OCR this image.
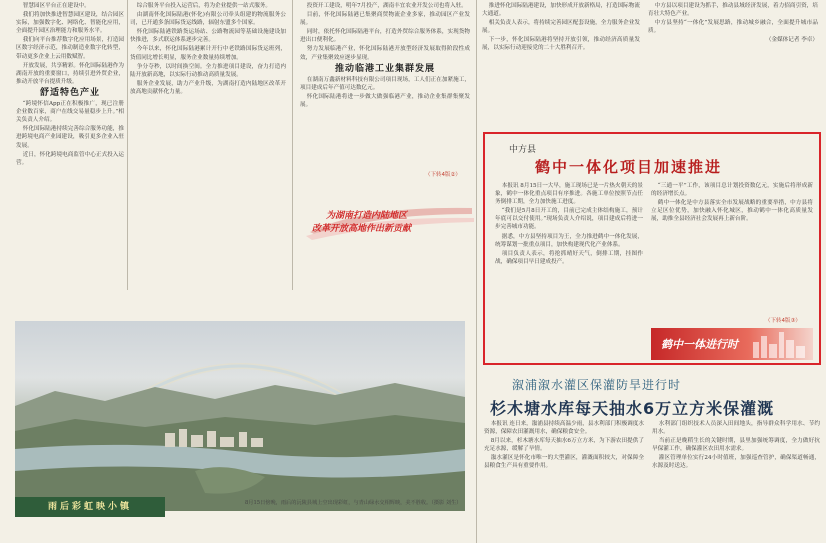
智慧园区平台正在建设中。

我们将加快推进智慧园区建设，结合园区实际，加强数字化、网络化、智能化应用，全面提升园区治理能力和服务水平。

我们向平台推荐数字化应用场景，打造园区数字经济示范，推动制造业数字化转型，带动更多企业上云用数赋智。

开放发展，共享精彩。怀化国际陆港作为湖南开放的重要窗口，持续引进外贸企业，推动开放平台提质升级。

舒适特色产业

“跨境怀信App正在积极推广，现已注册企业数百家，商户在线交易量稳步上升。”相关负责人介绍。

怀化国际陆港持续完善综合服务功能，推进跨境电商产业园建设，吸引更多企业入驻发展。

近日，怀化跨境电商监管中心正式投入运营。

综合服务平台投入运营后，将为企业提供一站式服务。

由湖南怀化国际陆港(怀化)有限公司牵头组建的物流服务公司，已开通多条国际货运线路，辐射东盟多个国家。

怀化国际陆港铁路货运场站、公路物流园等基础设施建设加快推进，多式联运体系逐步完善。

今年以来，怀化国际陆港累计开行中老铁路国际货运班列，货值同比增长明显，服务企业数量持续增加。

争分夺秒，以时间换空间。全力推进项目建设，奋力打造内陆开放新高地，以实际行动推动高质量发展。

服务企业发展，助力产业升级，为湖南打造内陆地区改革开放高地贡献怀化力量。

投资开工建设，明年7月投产，湖南丰宜农业开发公司也将入驻。

目前，怀化国际陆港已集聚商贸物流企业多家，推动园区产业发展。

同时，依托怀化国际陆港平台，打造外贸综合服务体系，实现货物进出口便利化。

努力发展临港产业，怀化国际陆港开放型经济发展取得阶段性成效，产业集聚效应逐步显现。

推动临港工业集群发展

在湖南万鑫新材料科技有限公司项目现场，工人们正在加紧施工，项目建成后年产值可达数亿元。

怀化国际陆港将进一步做大做强临港产业，推动企业集群集聚发展。

（下转4版②）
为湖南打造内陆地区
改革开放高地作出新贡献

推进怀化国际陆港建设，加快形成开放新格局，打造国际物流大通道。

相关负责人表示，将持续完善园区配套设施，全力服务企业发展。

下一步，怀化国际陆港将坚持开放引领，推动经济高质量发展，以实际行动迎接党的二十大胜利召开。

中方县以项目建设为抓手，推动县域经济发展，着力招商引资，培育壮大特色产业。

中方县坚持“一体化”发展思路，推动城乡融合，全面提升城市品质。

（金媒体记者 李卓）

中方县
鹤中一体化项目加速推进

本报讯 8月15日一大早，施工现场已是一片热火朝天的景象，鹤中一体化重点项目有序推进。各施工单位按照节点任务倒排工期，全力加快施工进度。

“我们是5月8日开工的，目前已完成主体结构施工，预计年底可以交付使用。”现场负责人介绍说，项目建成后将进一步完善城市功能。

据悉，中方县坚持项目为王，全力推进鹤中一体化发展，统筹谋划一批重点项目，加快构建现代化产业体系。

项目负责人表示，将抢抓晴好天气，倒排工期，挂图作战，确保项目早日建成投产。

“三通一平”工作，该项目总计划投资数亿元，实施后将形成新的经济增长点。

鹤中一体化是中方县落实全市发展战略的重要举措，中方县将立足区位优势，加快融入怀化城区，推动鹤中一体化高质量发展，助推全县经济社会发展再上新台阶。

（下转4版③）
鹤中一体进行时
雨后彩虹映小镇	8月15日傍晚，雨后的沅陵县城上空出现彩虹，与青山绿水交相辉映，美不胜收。（摄影 刘生）
溆浦溆水灌区保灌防旱进行时
杉木塘水库每天抽水6万立方米保灌溉

本报讯 连日来，溆浦县持续高温少雨，县水利部门积极调度水资源，保障农田灌溉用水，确保粮食安全。

8月以来，杉木塘水库每天抽水6万立方米，为下游农田提供了充足水源，缓解了旱情。

溆水灌区是怀化市唯一的大型灌区，灌溉面积较大，对保障全县粮食生产具有重要作用。

水利部门组织技术人员深入田间地头，指导群众科学用水、节约用水。

当前正是晚稻生长的关键时期，县里加强统筹调度，全力做好抗旱保灌工作，确保灌区农田用水需求。

灌区管理单位实行24小时值班，加强巡查管护，确保渠道畅通，水源及时送达。
